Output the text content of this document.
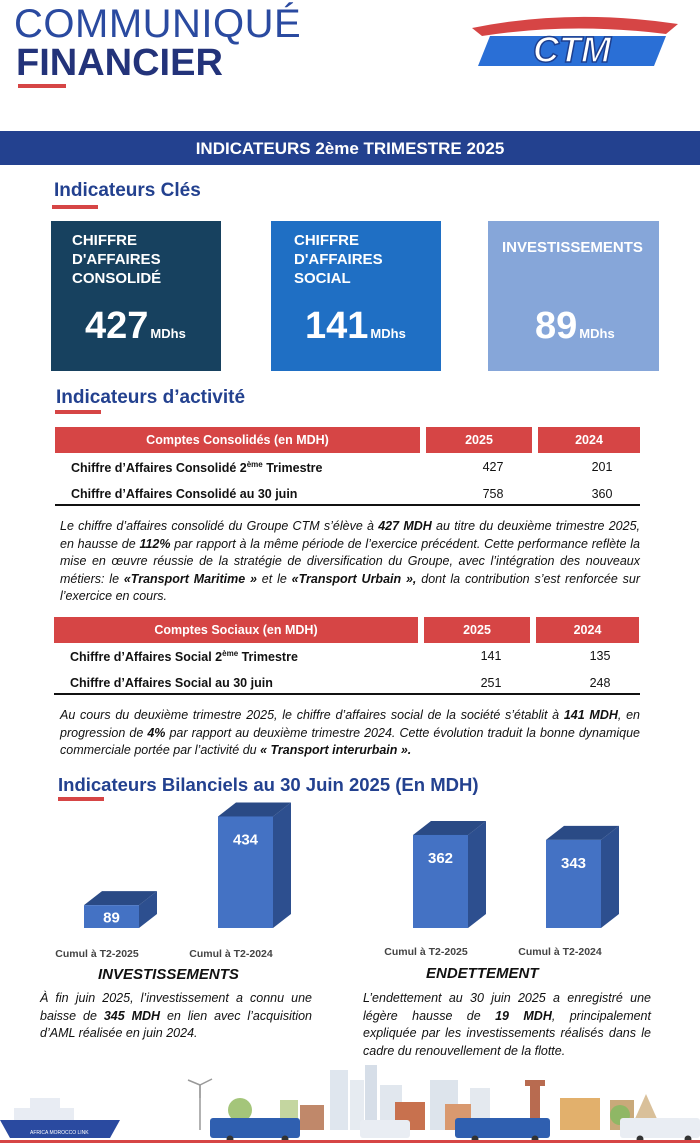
COMMUNIQUÉ
FINANCIER	CTM
INDICATEURS 2ème TRIMESTRE 2025
Indicateurs Clés
CHIFFRE
D'AFFAIRES
CONSOLIDÉ
427 MDhs
CHIFFRE
D'AFFAIRES
SOCIAL
141 MDhs
INVESTISSEMENTS
89 MDhs
Indicateurs d’activité
Comptes Consolidés (en MDH)	2025	2024
Chiffre d’Affaires Consolidé 2ème Trimestre	427	201
Chiffre d’Affaires Consolidé au 30 juin	758	360
Le chiffre d’affaires consolidé du Groupe CTM s’élève à 427 MDH au titre du deuxième trimestre 2025, en hausse de 112% par rapport à la même période de l’exercice précédent. Cette performance reflète la mise en œuvre réussie de la stratégie de diversification du Groupe, avec l’intégration des nouveaux métiers: le «Transport Maritime » et le «Transport Urbain », dont la contribution s’est renforcée sur l’exercice en cours.
Comptes Sociaux (en MDH)	2025	2024
Chiffre d’Affaires Social 2ème Trimestre	141	135
Chiffre d’Affaires Social au 30 juin	251	248
Au cours du deuxième trimestre 2025, le chiffre d’affaires social de la société s’établit à 141 MDH, en progression de 4% par rapport au deuxième trimestre 2024. Cette évolution traduit la bonne dynamique commerciale portée par l’activité du « Transport interurbain ».
Indicateurs Bilanciels au 30 Juin 2025 (En MDH)
89
434
362	343
Cumul à T2-2025	Cumul à T2-2024	Cumul à T2-2025	Cumul à T2-2024
INVESTISSEMENTS	ENDETTEMENT
À fin juin 2025, l’investissement a connu une baisse de 345 MDH en lien avec l’acquisition d’AML réalisée en juin 2024.
L’endettement au 30 juin 2025 a enregistré une légère hausse de 19 MDH, principalement expliquée par les investissements réalisés dans le cadre du renouvellement de la flotte.
AFRICA MOROCCO LINK
